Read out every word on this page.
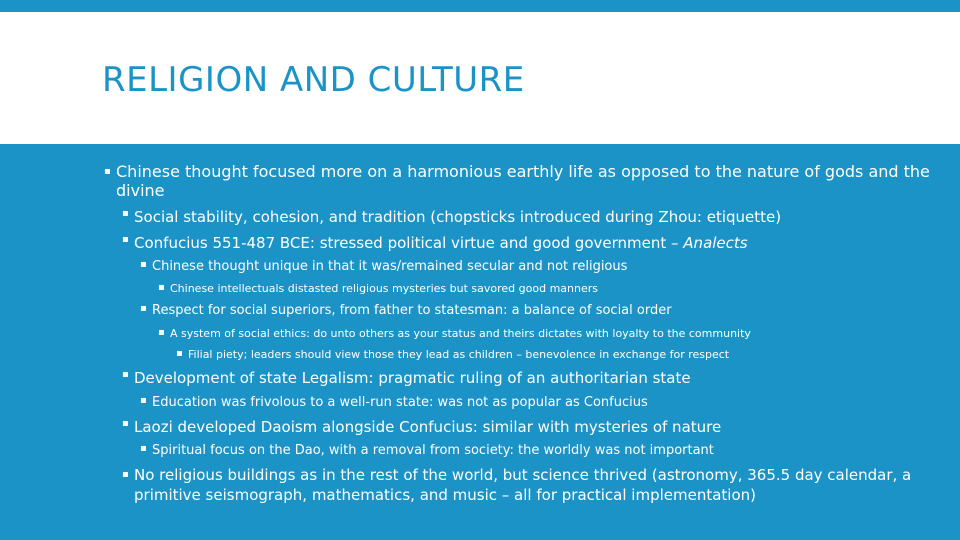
RELIGION AND CULTURE
▪ Chinese thought focused more on a harmonious earthly life as opposed to the nature of gods and the divine
▪ Social stability, cohesion, and tradition (chopsticks introduced during Zhou: etiquette)
▪ Confucius 551-487 BCE: stressed political virtue and good government – Analects
▪ Chinese thought unique in that it was/remained secular and not religious
▪ Chinese intellectuals distasted religious mysteries but savored good manners
▪ Respect for social superiors, from father to statesman: a balance of social order
▪ A system of social ethics: do unto others as your status and theirs dictates with loyalty to the community
▪ Filial piety; leaders should view those they lead as children – benevolence in exchange for respect
▪ Development of state Legalism: pragmatic ruling of an authoritarian state
▪ Education was frivolous to a well-run state: was not as popular as Confucius
▪ Laozi developed Daoism alongside Confucius: similar with mysteries of nature
▪ Spiritual focus on the Dao, with a removal from society: the worldly was not important
▪ No religious buildings as in the rest of the world, but science thrived (astronomy, 365.5 day calendar, a primitive seismograph, mathematics, and music – all for practical implementation)
